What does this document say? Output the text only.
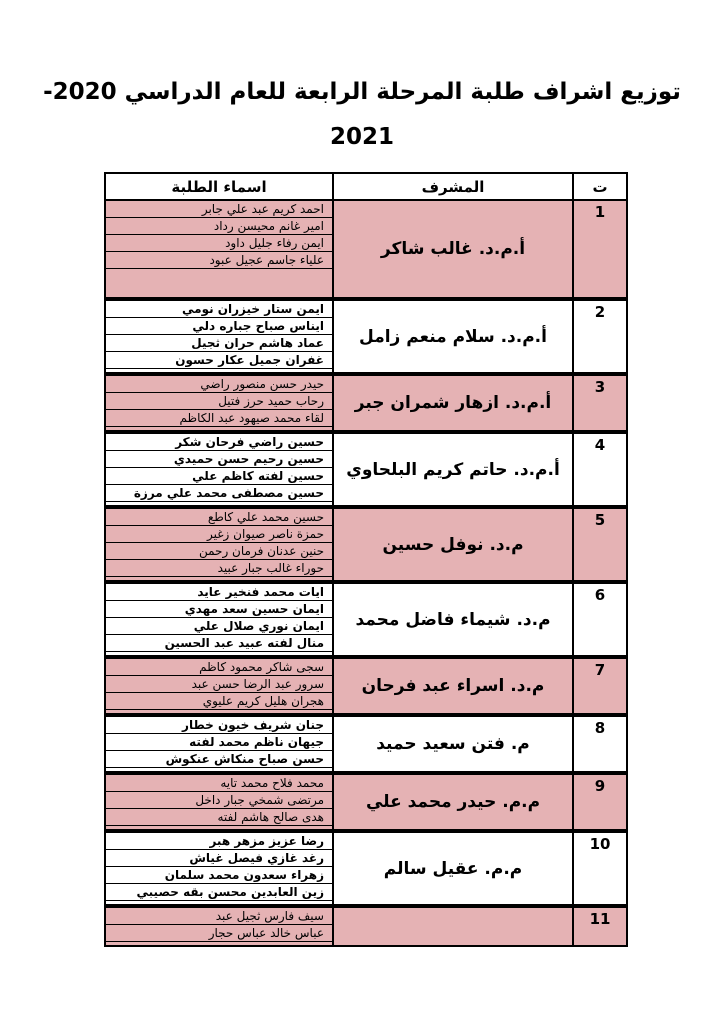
توزيع اشراف طلبة المرحلة الرابعة للعام الدراسي 2020-
2021
ت
المشرف
اسماء الطلبة
1
أ.م.د. غالب شاكر
احمد كريم عبد علي جابر
امير غانم محيسن رداد
ايمن رفاء جليل داود
علياء جاسم عجيل عبود
2
أ.م.د. سلام منعم زامل
ايمن ستار خيزران نومي
ايناس صباح جباره دلي
عماد هاشم حران ثجيل
غفران جميل عكار حسون
3
أ.م.د. ازهار شمران جبر
حيدر حسن منصور راضي
رحاب حميد حرز فتيل
لقاء محمد صيهود عبد الكاظم
4
أ.م.د. حاتم كريم البلحاوي
حسين راضي فرحان شكر
حسين رحيم حسن حميدي
حسين لفته كاظم علي
حسين مصطفى محمد علي مرزة
5
م.د. نوفل حسين
حسين محمد علي كاطع
حمزة ناصر صيوان زغير
حنين عدنان فرمان رحمن
حوراء غالب جبار عبيد
6
م.د. شيماء فاضل محمد
ايات محمد فنخير عايد
ايمان حسين سعد مهدي
ايمان نوري صلال علي
منال لفته عبيد عبد الحسين
7
م.د. اسراء عبد فرحان
سجى شاكر محمود كاظم
سرور عبد الرضا حسن عبد
هجران هليل كريم عليوي
8
م. فتن سعيد حميد
جنان شريف خيون خطار
جيهان ناظم محمد لفته
حسن صباح منكاش عنكوش
9
م.م. حيدر محمد علي
محمد فلاح محمد تايه
مرتضى شمخي جبار داخل
هدى صالح هاشم لفته
10
م.م. عقيل سالم
رضا عزيز مزهر هبر
رغد غازي فيصل غياش
زهراء سعدون محمد سلمان
زين العابدين محسن بقه حصيبي
11
سيف فارس ثجيل عبد
عباس خالد عباس حجار
